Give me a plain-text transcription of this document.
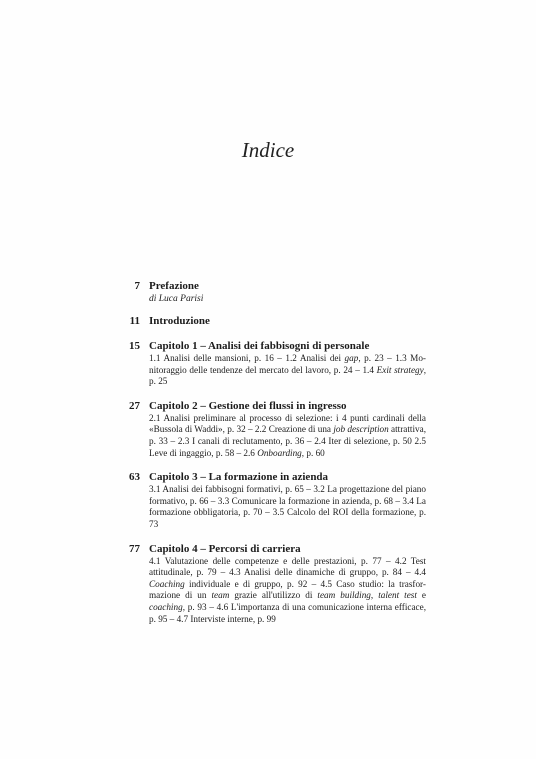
Indice
7 Prefazione
di Luca Parisi
11 Introduzione
15 Capitolo 1 – Analisi dei fabbisogni di personale
1.1 Analisi delle mansioni, p. 16 – 1.2 Analisi dei gap, p. 23 – 1.3 Mo- nitoraggio delle tendenze del mercato del lavoro, p. 24 – 1.4 Exit strategy, p. 25
27 Capitolo 2 – Gestione dei flussi in ingresso
2.1 Analisi preliminare al processo di selezione: i 4 punti cardinali della «Bussola di Waddi», p. 32 – 2.2 Creazione di una job description attrattiva, p. 33 – 2.3 I canali di reclutamento, p. 36 – 2.4 Iter di selezione, p. 50 2.5 Leve di ingaggio, p. 58 – 2.6 Onboarding, p. 60
63 Capitolo 3 – La formazione in azienda
3.1 Analisi dei fabbisogni formativi, p. 65 – 3.2 La progettazione del piano formativo, p. 66 – 3.3 Comunicare la formazione in azienda, p. 68 – 3.4 La formazione obbligatoria, p. 70 – 3.5 Calcolo del ROI della formazione, p. 73
77 Capitolo 4 – Percorsi di carriera
4.1 Valutazione delle competenze e delle prestazioni, p. 77 – 4.2 Test attitudinale, p. 79 – 4.3 Analisi delle dinamiche di gruppo, p. 84 – 4.4 Coaching individuale e di gruppo, p. 92 – 4.5 Caso studio: la trasfor- mazione di un team grazie all'utilizzo di team building, talent test e coaching, p. 93 – 4.6 L'importanza di una comunicazione interna efficace, p. 95 – 4.7 Interviste interne, p. 99
